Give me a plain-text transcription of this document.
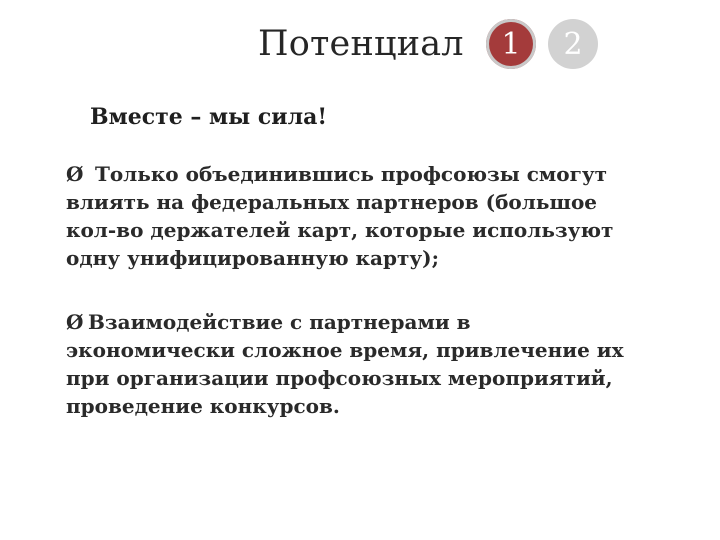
Потенциал 1 2
Вместе – мы сила!
Ø Только объединившись профсоюзы смогут
влиять на федеральных партнеров (большое
кол-во держателей карт, которые используют
одну унифицированную карту);
Ø Взаимодействие с партнерами в
экономически сложное время, привлечение их
при организации профсоюзных мероприятий,
проведение конкурсов.
